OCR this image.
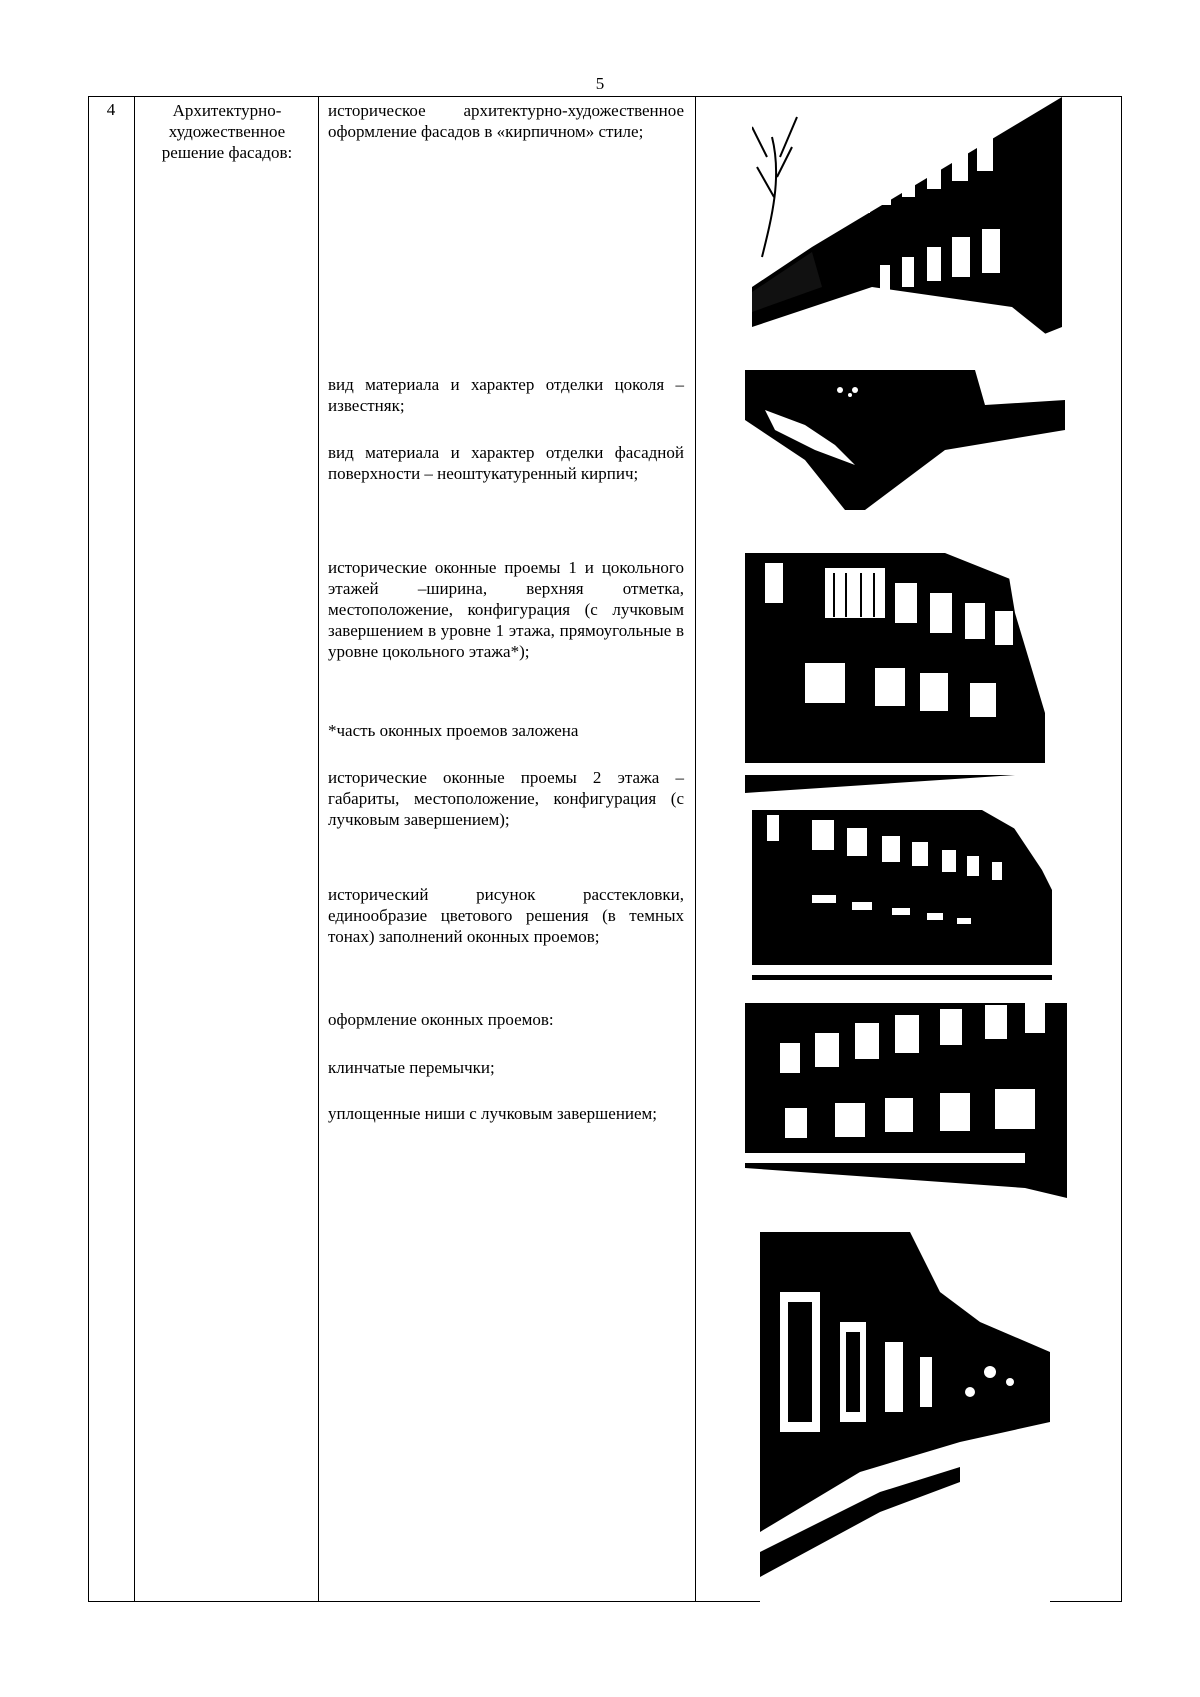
5
4	Архитектурно-художественное решение фасадов:
историческое архитектурно-художественное оформление фасадов в «кирпичном» стиле;
вид материала и характер отделки цоколя – известняк;
вид материала и характер отделки фасадной поверхности – неоштукатуренный кирпич;
исторические оконные проемы 1 и цокольного этажей –ширина, верхняя отметка, местоположение, конфигурация (с лучковым завершением в уровне 1 этажа, прямоугольные в уровне цокольного этажа*);
*часть оконных проемов заложена
исторические оконные проемы 2 этажа – габариты, местоположение, конфигурация (с лучковым завершением);
исторический рисунок расстекловки, единообразие цветового решения (в темных тонах) заполнений оконных проемов;
оформление оконных проемов:
клинчатые перемычки;
уплощенные ниши с лучковым завершением;
